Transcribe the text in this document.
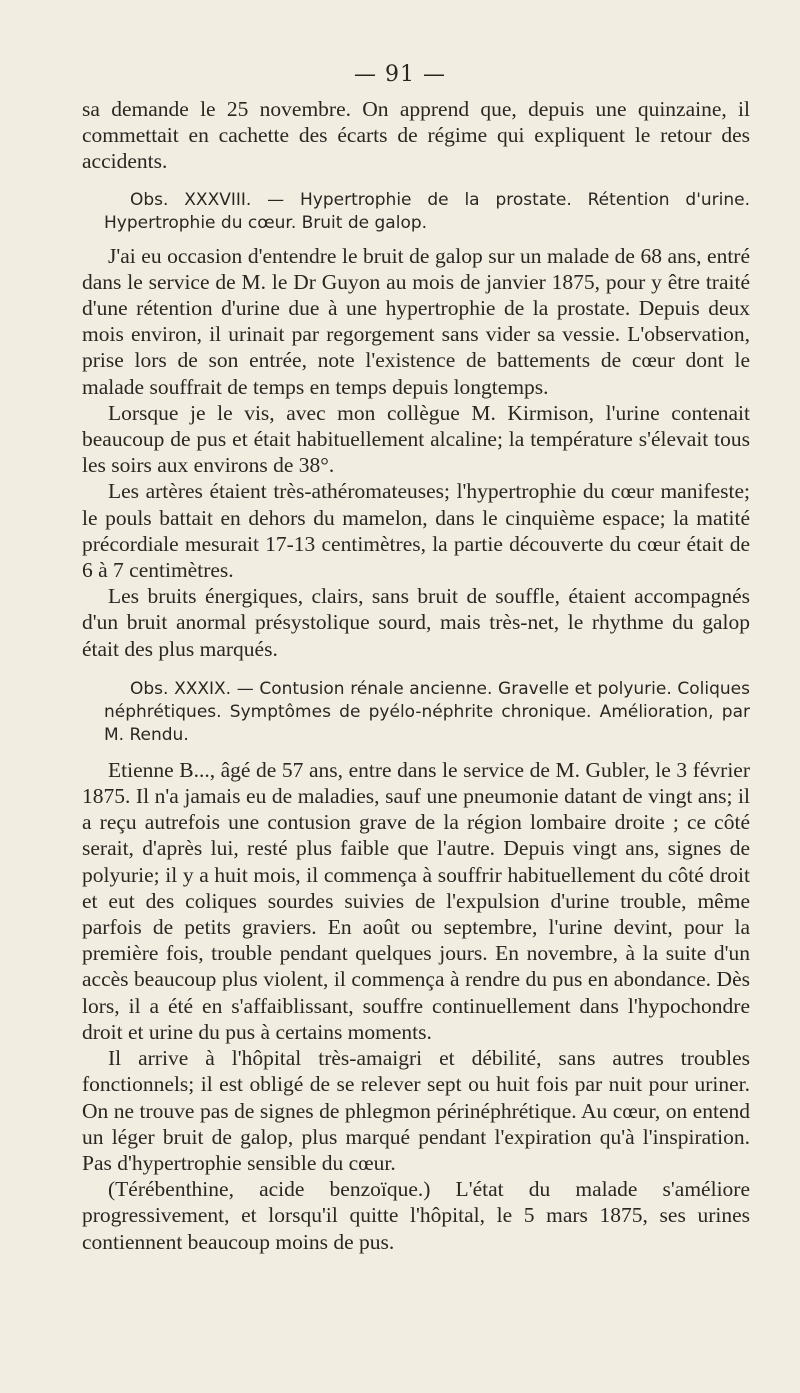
— 91 —

sa demande le 25 novembre. On apprend que, depuis une quinzaine, il commettait en cachette des écarts de régime qui expliquent le retour des accidents.

Obs. XXXVIII. — Hypertrophie de la prostate. Rétention d'urine. Hypertrophie du cœur. Bruit de galop.

J'ai eu occasion d'entendre le bruit de galop sur un malade de 68 ans, entré dans le service de M. le Dr Guyon au mois de janvier 1875, pour y être traité d'une rétention d'urine due à une hypertrophie de la prostate. Depuis deux mois environ, il urinait par regorgement sans vider sa vessie. L'observation, prise lors de son entrée, note l'existence de battements de cœur dont le malade souffrait de temps en temps depuis longtemps.

Lorsque je le vis, avec mon collègue M. Kirmison, l'urine contenait beaucoup de pus et était habituellement alcaline; la température s'élevait tous les soirs aux environs de 38°.

Les artères étaient très-athéromateuses; l'hypertrophie du cœur manifeste; le pouls battait en dehors du mamelon, dans le cinquième espace; la matité précordiale mesurait 17-13 centimètres, la partie découverte du cœur était de 6 à 7 centimètres.

Les bruits énergiques, clairs, sans bruit de souffle, étaient accompagnés d'un bruit anormal présystolique sourd, mais très-net, le rhythme du galop était des plus marqués.

Obs. XXXIX. — Contusion rénale ancienne. Gravelle et polyurie. Coliques néphrétiques. Symptômes de pyélo-néphrite chronique. Amélioration, par M. Rendu.

Etienne B..., âgé de 57 ans, entre dans le service de M. Gubler, le 3 février 1875. Il n'a jamais eu de maladies, sauf une pneumonie datant de vingt ans; il a reçu autrefois une contusion grave de la région lombaire droite ; ce côté serait, d'après lui, resté plus faible que l'autre. Depuis vingt ans, signes de polyurie; il y a huit mois, il commença à souffrir habituellement du côté droit et eut des coliques sourdes suivies de l'expulsion d'urine trouble, même parfois de petits graviers. En août ou septembre, l'urine devint, pour la première fois, trouble pendant quelques jours. En novembre, à la suite d'un accès beaucoup plus violent, il commença à rendre du pus en abondance. Dès lors, il a été en s'affaiblissant, souffre continuellement dans l'hypochondre droit et urine du pus à certains moments.

Il arrive à l'hôpital très-amaigri et débilité, sans autres troubles fonctionnels; il est obligé de se relever sept ou huit fois par nuit pour uriner. On ne trouve pas de signes de phlegmon périnéphrétique. Au cœur, on entend un léger bruit de galop, plus marqué pendant l'expiration qu'à l'inspiration. Pas d'hypertrophie sensible du cœur.

(Térébenthine, acide benzoïque.) L'état du malade s'améliore progressivement, et lorsqu'il quitte l'hôpital, le 5 mars 1875, ses urines contiennent beaucoup moins de pus.
